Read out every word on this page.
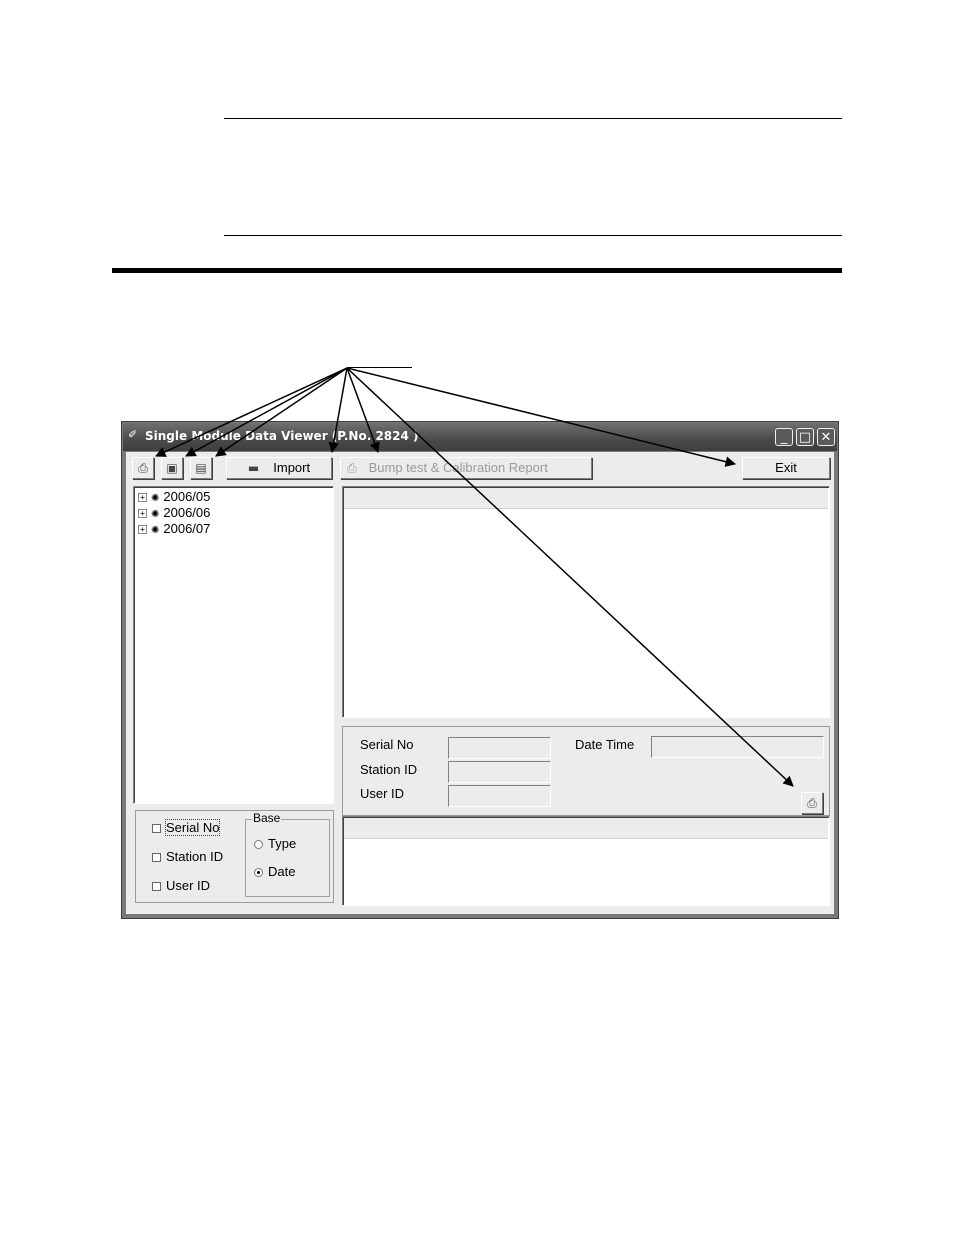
✐ Single Module Data Viewer (P.No. 2824 )	_ □ ✕
⎙	▣	▤	▬ Import	⎙ Bump test & Calibration Report	Exit
+ ✺ 2006/05
+ ✺ 2006/06
+ ✺ 2006/07
Serial No
Station ID
User ID
Base
Type
Date
Serial No
Station ID
User ID
Date Time
⎙
